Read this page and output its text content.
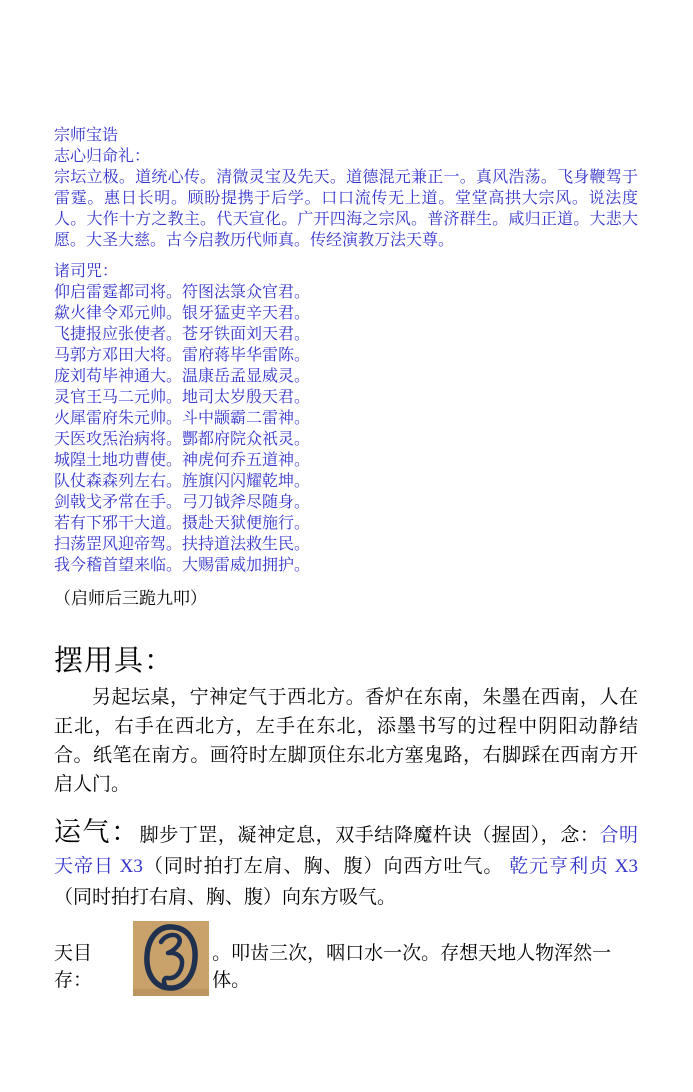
宗师宝诰
志心归命礼：

宗坛立极。道统心传。清微灵宝及先天。道德混元兼正一。真风浩荡。飞身鞭驾于雷霆。惠日长明。顾盼提携于后学。口口流传无上道。堂堂高拱大宗风。说法度人。大作十方之教主。代天宣化。广开四海之宗风。普济群生。咸归正道。大悲大愿。大圣大慈。古今启教历代师真。传经演教万法天尊。

诸司咒：
仰启雷霆都司将。符图法箓众官君。
歘火律令邓元帅。银牙猛吏辛天君。
飞捷报应张使者。苍牙铁面刘天君。
马郭方邓田大将。雷府蒋毕华雷陈。
庞刘苟毕神通大。温康岳孟显威灵。
灵官王马二元帅。地司太岁殷天君。
火犀雷府朱元帅。斗中颛霸二雷神。
天医攻炁治病将。酆都府院众祇灵。
城隍土地功曹使。神虎何乔五道神。
队仗森森列左右。旌旗闪闪耀乾坤。
剑戟戈矛常在手。弓刀钺斧尽随身。
若有下邪干大道。摄赴天狱便施行。
扫荡罡风迎帝驾。扶持道法救生民。
我今稽首望来临。大赐雷威加拥护。

（启师后三跪九叩）

摆用具：

另起坛桌，宁神定气于西北方。香炉在东南，朱墨在西南，人在正北，右手在西北方，左手在东北，添墨书写的过程中阴阳动静结合。纸笔在南方。画符时左脚顶住东北方塞鬼路，右脚踩在西南方开启人门。

运气：脚步丁罡，凝神定息，双手结降魔杵诀（握固），念：合明天帝日 X3（同时拍打左肩、胸、腹）向西方吐气。 乾元亨利贞 X3（同时拍打右肩、胸、腹）向东方吸气。

天目存：
。叩齿三次，咽口水一次。存想天地人物浑然一体。
